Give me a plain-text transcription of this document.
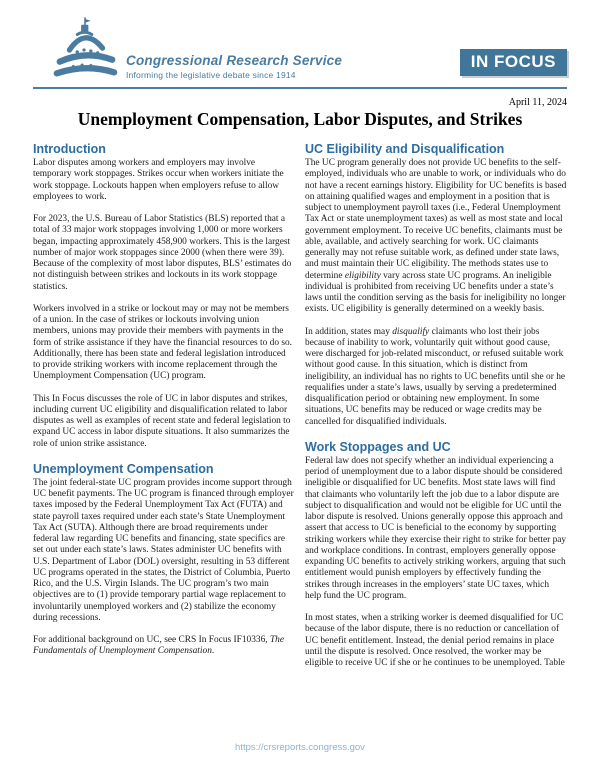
Congressional Research Service
Informing the legislative debate since 1914
IN FOCUS
April 11, 2024
Unemployment Compensation, Labor Disputes, and Strikes
Introduction

Labor disputes among workers and employers may involve temporary work stoppages. Strikes occur when workers initiate the work stoppage. Lockouts happen when employers refuse to allow employees to work.

For 2023, the U.S. Bureau of Labor Statistics (BLS) reported that a total of 33 major work stoppages involving 1,000 or more workers began, impacting approximately 458,900 workers. This is the largest number of major work stoppages since 2000 (when there were 39). Because of the complexity of most labor disputes, BLS’ estimates do not distinguish between strikes and lockouts in its work stoppage statistics.

Workers involved in a strike or lockout may or may not be members of a union. In the case of strikes or lockouts involving union members, unions may provide their members with payments in the form of strike assistance if they have the financial resources to do so. Additionally, there has been state and federal legislation introduced to provide striking workers with income replacement through the Unemployment Compensation (UC) program.

This In Focus discusses the role of UC in labor disputes and strikes, including current UC eligibility and disqualification related to labor disputes as well as examples of recent state and federal legislation to expand UC access in labor dispute situations. It also summarizes the role of union strike assistance.

Unemployment Compensation

The joint federal-state UC program provides income support through UC benefit payments. The UC program is financed through employer taxes imposed by the Federal Unemployment Tax Act (FUTA) and state payroll taxes required under each state’s State Unemployment Tax Act (SUTA). Although there are broad requirements under federal law regarding UC benefits and financing, state specifics are set out under each state’s laws. States administer UC benefits with U.S. Department of Labor (DOL) oversight, resulting in 53 different UC programs operated in the states, the District of Columbia, Puerto Rico, and the U.S. Virgin Islands. The UC program’s two main objectives are to (1) provide temporary partial wage replacement to involuntarily unemployed workers and (2) stabilize the economy during recessions.

For additional background on UC, see CRS In Focus IF10336, The Fundamentals of Unemployment Compensation.

UC Eligibility and Disqualification

The UC program generally does not provide UC benefits to the self-employed, individuals who are unable to work, or individuals who do not have a recent earnings history. Eligibility for UC benefits is based on attaining qualified wages and employment in a position that is subject to unemployment payroll taxes (i.e., Federal Unemployment Tax Act or state unemployment taxes) as well as most state and local government employment. To receive UC benefits, claimants must be able, available, and actively searching for work. UC claimants generally may not refuse suitable work, as defined under state laws, and must maintain their UC eligibility. The methods states use to determine eligibility vary across state UC programs. An ineligible individual is prohibited from receiving UC benefits under a state’s laws until the condition serving as the basis for ineligibility no longer exists. UC eligibility is generally determined on a weekly basis.

In addition, states may disqualify claimants who lost their jobs because of inability to work, voluntarily quit without good cause, were discharged for job-related misconduct, or refused suitable work without good cause. In this situation, which is distinct from ineligibility, an individual has no rights to UC benefits until she or he requalifies under a state’s laws, usually by serving a predetermined disqualification period or obtaining new employment. In some situations, UC benefits may be reduced or wage credits may be cancelled for disqualified individuals.

Work Stoppages and UC

Federal law does not specify whether an individual experiencing a period of unemployment due to a labor dispute should be considered ineligible or disqualified for UC benefits. Most state laws will find that claimants who voluntarily left the job due to a labor dispute are subject to disqualification and would not be eligible for UC until the labor dispute is resolved. Unions generally oppose this approach and assert that access to UC is beneficial to the economy by supporting striking workers while they exercise their right to strike for better pay and workplace conditions. In contrast, employers generally oppose expanding UC benefits to actively striking workers, arguing that such entitlement would punish employers by effectively funding the strikes through increases in the employers’ state UC taxes, which help fund the UC program.

In most states, when a striking worker is deemed disqualified for UC because of the labor dispute, there is no reduction or cancellation of UC benefit entitlement. Instead, the denial period remains in place until the dispute is resolved. Once resolved, the worker may be eligible to receive UC if she or he continues to be unemployed. Table

https://crsreports.congress.gov
